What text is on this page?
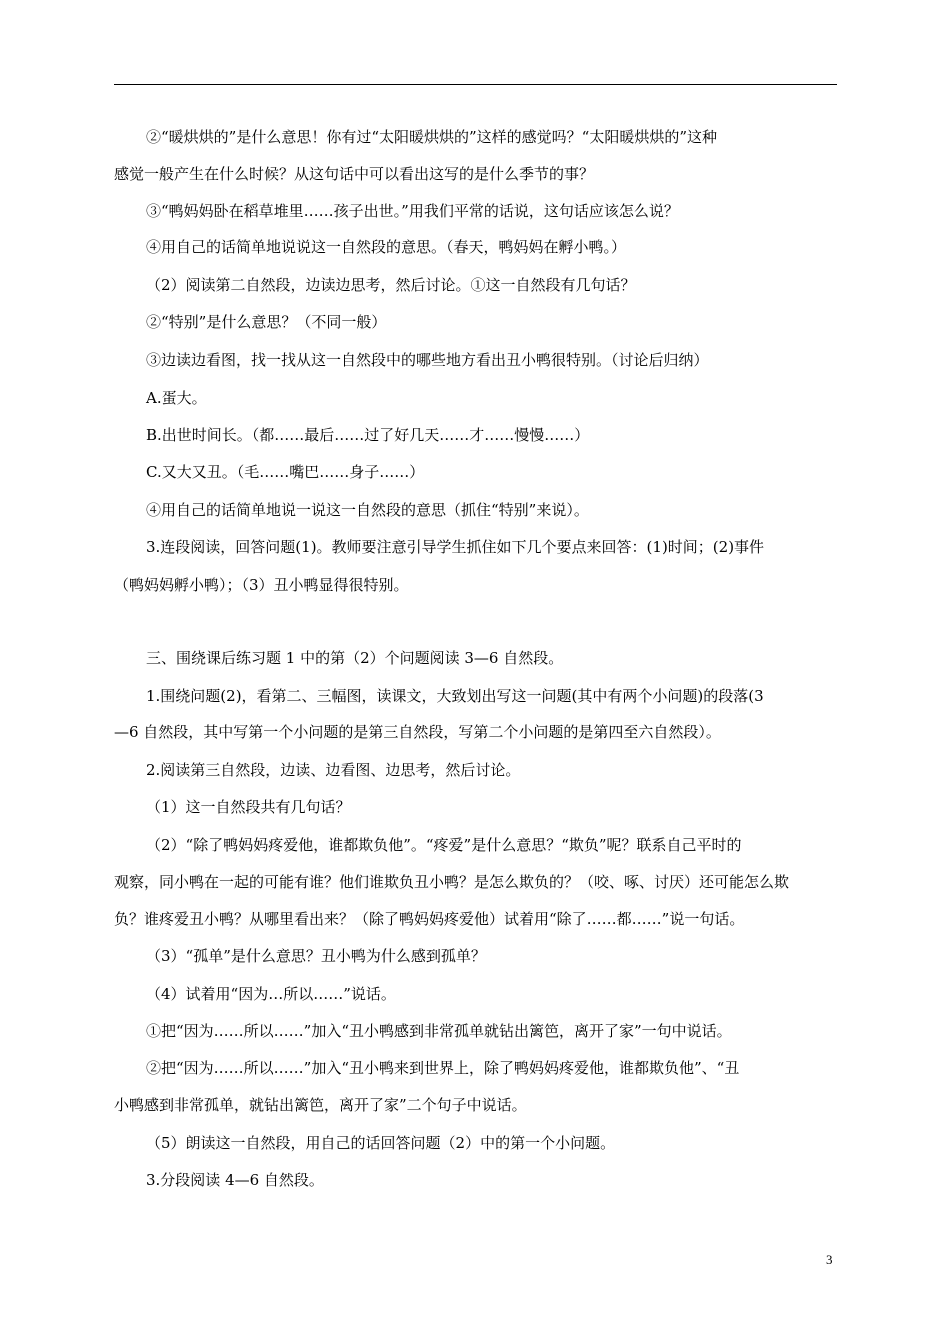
②“暖烘烘的”是什么意思！你有过“太阳暖烘烘的”这样的感觉吗？“太阳暖烘烘的”这种
感觉一般产生在什么时候？从这句话中可以看出这写的是什么季节的事？
③“鸭妈妈卧在稻草堆里……孩子出世。”用我们平常的话说，这句话应该怎么说？
④用自己的话简单地说说这一自然段的意思。（春天，鸭妈妈在孵小鸭。）
（2）阅读第二自然段，边读边思考，然后讨论。①这一自然段有几句话？
②“特别”是什么意思？（不同一般）
③边读边看图，找一找从这一自然段中的哪些地方看出丑小鸭很特别。（讨论后归纳）
A.蛋大。
B.出世时间长。（都……最后……过了好几天……才……慢慢……）
C.又大又丑。（毛……嘴巴……身子……）
④用自己的话简单地说一说这一自然段的意思（抓住“特别”来说）。
3.连段阅读，回答问题(1)。教师要注意引导学生抓住如下几个要点来回答：(1)时间；(2)事件
（鸭妈妈孵小鸭）；（3）丑小鸭显得很特别。
三、围绕课后练习题 1 中的第（2）个问题阅读 3—6 自然段。
1.围绕问题(2)，看第二、三幅图，读课文，大致划出写这一问题(其中有两个小问题)的段落(3
—6 自然段，其中写第一个小问题的是第三自然段，写第二个小问题的是第四至六自然段）。
2.阅读第三自然段，边读、边看图、边思考，然后讨论。
（1）这一自然段共有几句话？
（2）“除了鸭妈妈疼爱他，谁都欺负他”。“疼爱”是什么意思？“欺负”呢？联系自己平时的
观察，同小鸭在一起的可能有谁？他们谁欺负丑小鸭？是怎么欺负的？（咬、啄、讨厌）还可能怎么欺
负？谁疼爱丑小鸭？从哪里看出来？（除了鸭妈妈疼爱他）试着用“除了……都……”说一句话。
（3）“孤单”是什么意思？丑小鸭为什么感到孤单？
（4）试着用“因为…所以……”说话。
①把“因为……所以……”加入“丑小鸭感到非常孤单就钻出篱笆，离开了家”一句中说话。
②把“因为……所以……”加入“丑小鸭来到世界上，除了鸭妈妈疼爱他，谁都欺负他”、“丑
小鸭感到非常孤单，就钻出篱笆，离开了家”二个句子中说话。
（5）朗读这一自然段，用自己的话回答问题（2）中的第一个小问题。
3.分段阅读 4—6 自然段。
3
